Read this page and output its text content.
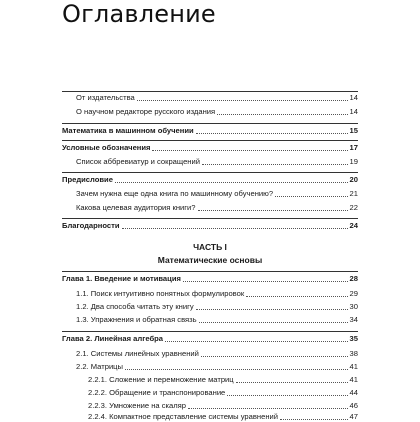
Оглавление
От издательства	14
О научном редакторе русского издания	14
Математика в машинном обучении	15
Условные обозначения	17
Список аббревиатур и сокращений	19
Предисловие	20
Зачем нужна еще одна книга по машинному обучению?	21
Какова целевая аудитория книги?	22
Благодарности	24
ЧАСТЬ I
Математические основы
Глава 1. Введение и мотивация	28
1.1. Поиск интуитивно понятных формулировок	29
1.2. Два способа читать эту книгу	30
1.3. Упражнения и обратная связь	34
Глава 2. Линейная алгебра	35
2.1. Системы линейных уравнений	38
2.2. Матрицы	41
2.2.1. Сложение и перемножение матриц	41
2.2.2. Обращение и транспонирование	44
2.2.3. Умножение на скаляр	46
2.2.4. Компактное представление системы уравнений	47
